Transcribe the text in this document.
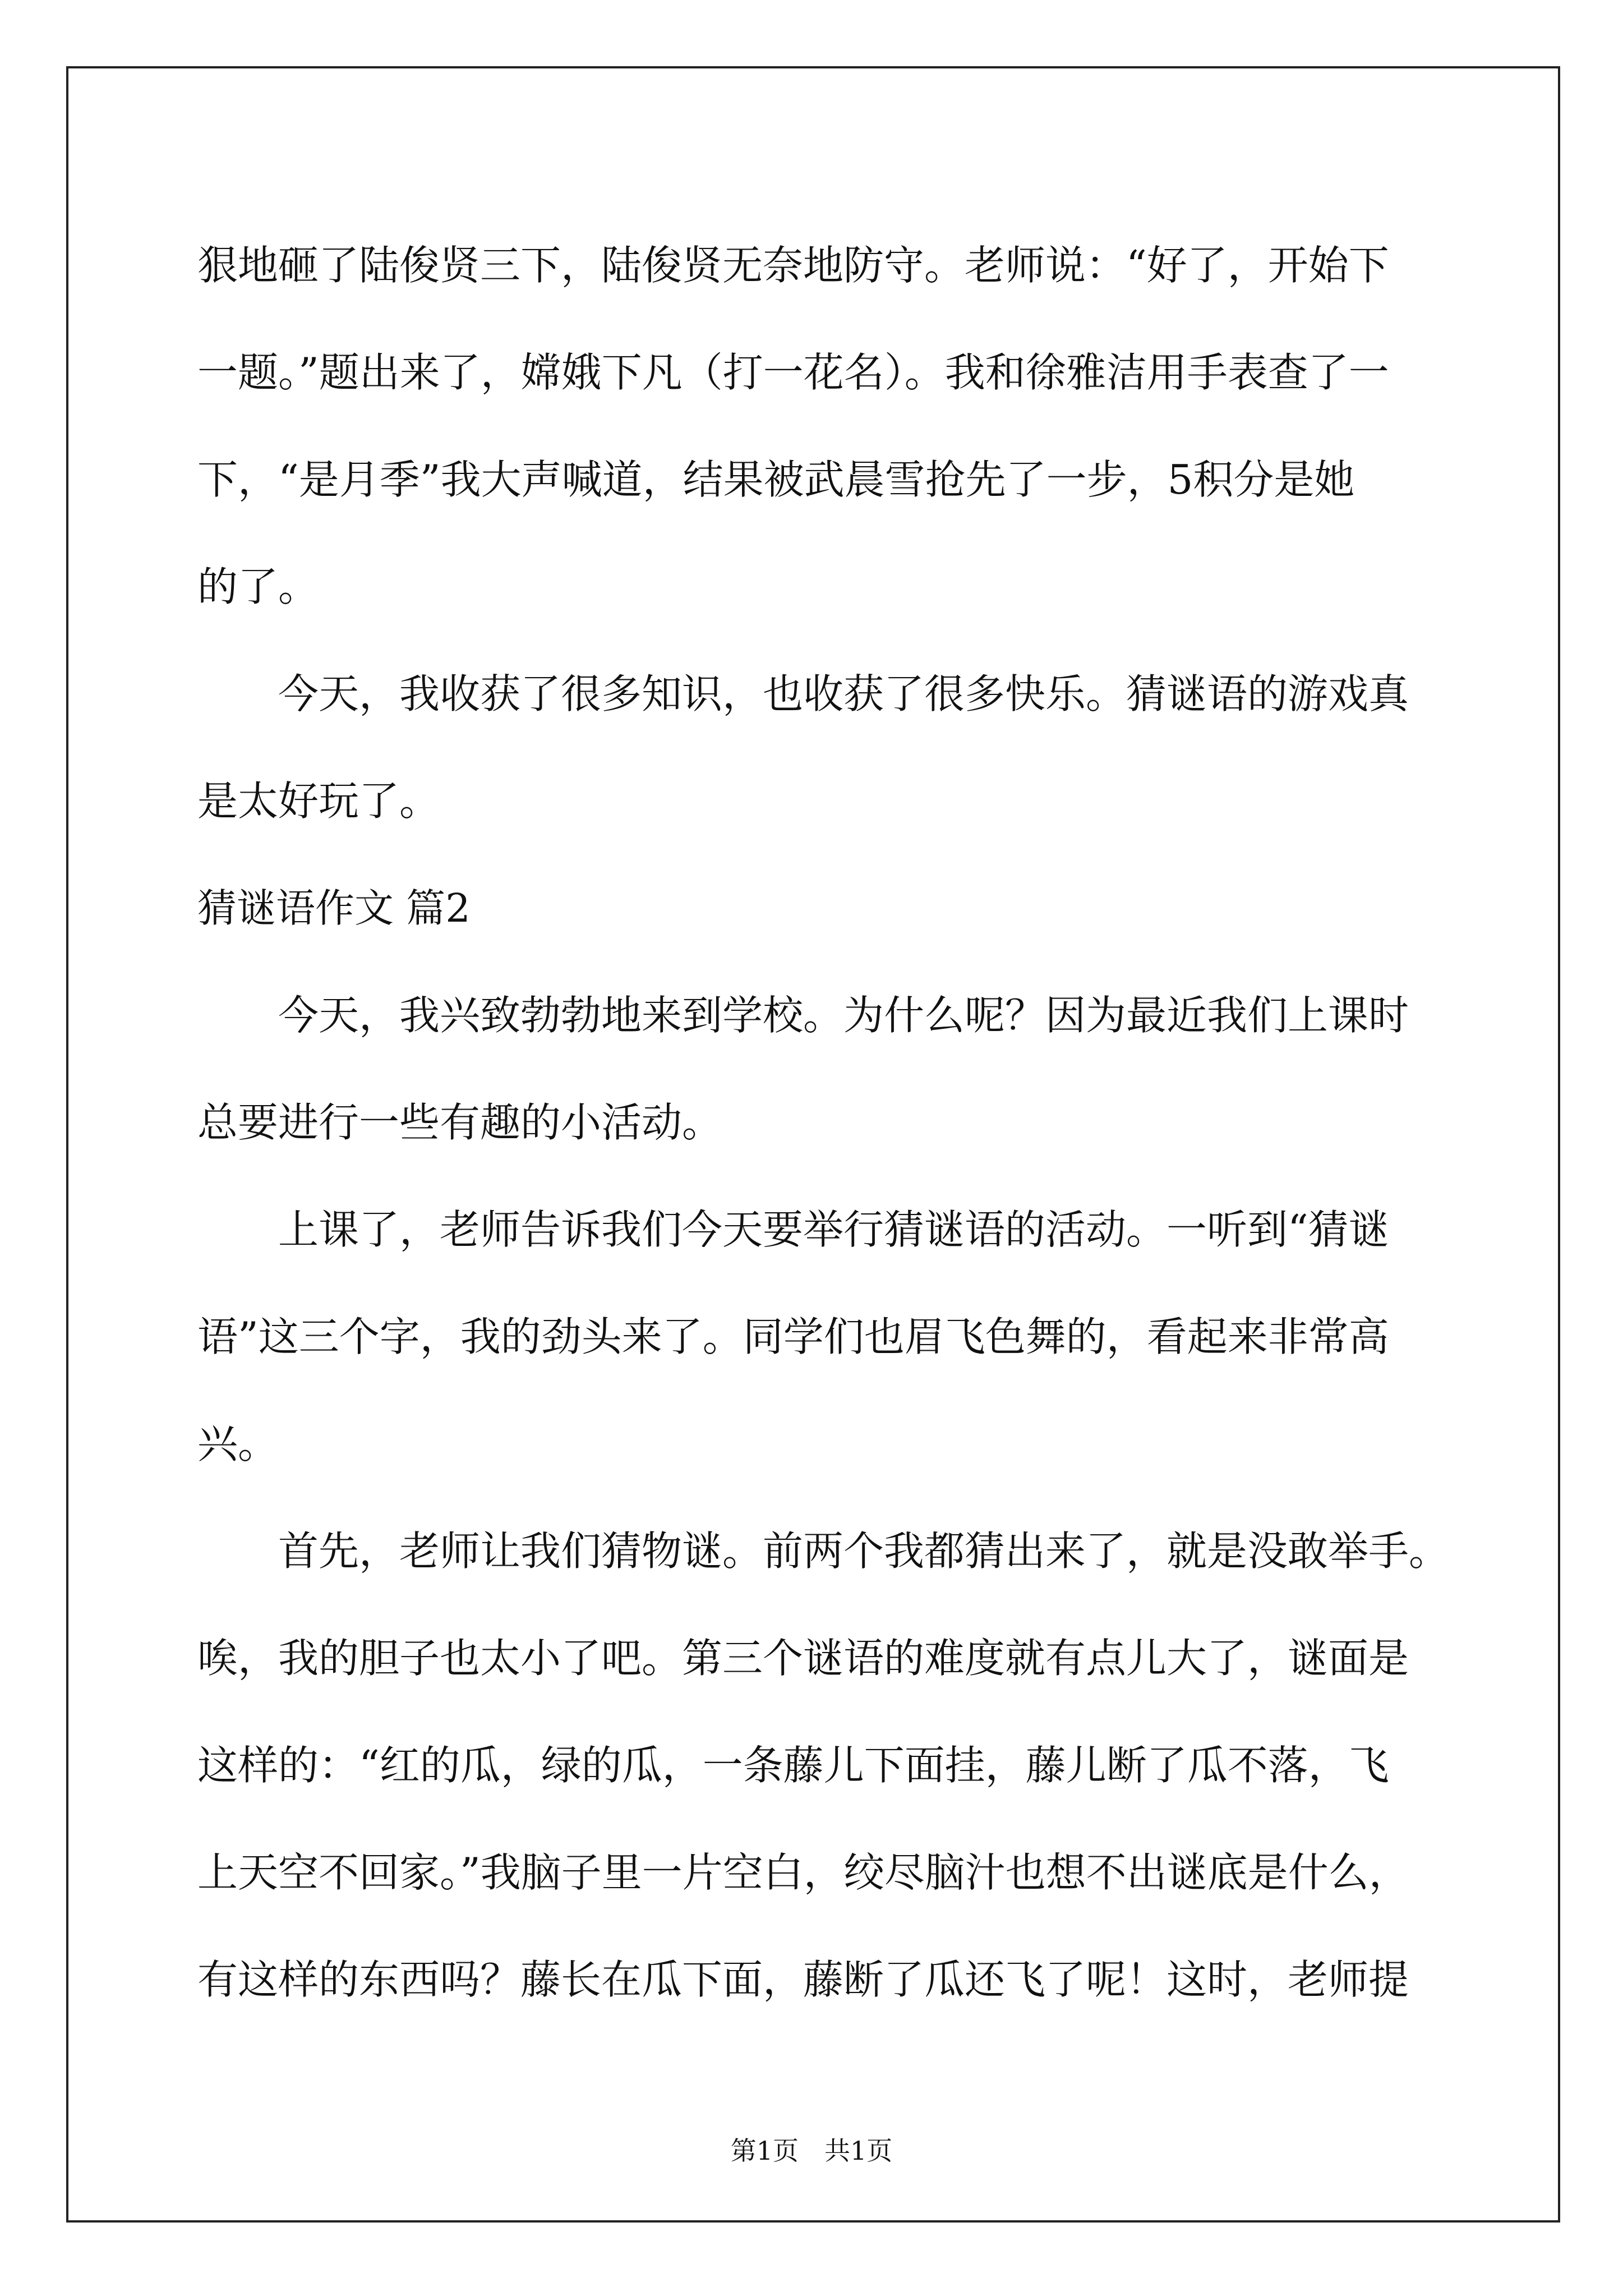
狠地砸了陆俊贤三下，陆俊贤无奈地防守。老师说：“好了，开始下
一题。”题出来了，嫦娥下凡（打一花名）。我和徐雅洁用手表查了一
下，“是月季”我大声喊道，结果被武晨雪抢先了一步，5积分是她
的了。

今天，我收获了很多知识，也收获了很多快乐。猜谜语的游戏真
是太好玩了。

猜谜语作文 篇2

今天，我兴致勃勃地来到学校。为什么呢？因为最近我们上课时
总要进行一些有趣的小活动。

上课了，老师告诉我们今天要举行猜谜语的活动。一听到“猜谜
语”这三个字，我的劲头来了。同学们也眉飞色舞的，看起来非常高
兴。

首先，老师让我们猜物谜。前两个我都猜出来了，就是没敢举手。
唉，我的胆子也太小了吧。第三个谜语的难度就有点儿大了，谜面是
这样的：“红的瓜，绿的瓜，一条藤儿下面挂，藤儿断了瓜不落，飞
上天空不回家。”我脑子里一片空白，绞尽脑汁也想不出谜底是什么，
有这样的东西吗？藤长在瓜下面，藤断了瓜还飞了呢！这时，老师提

第1页　共1页
